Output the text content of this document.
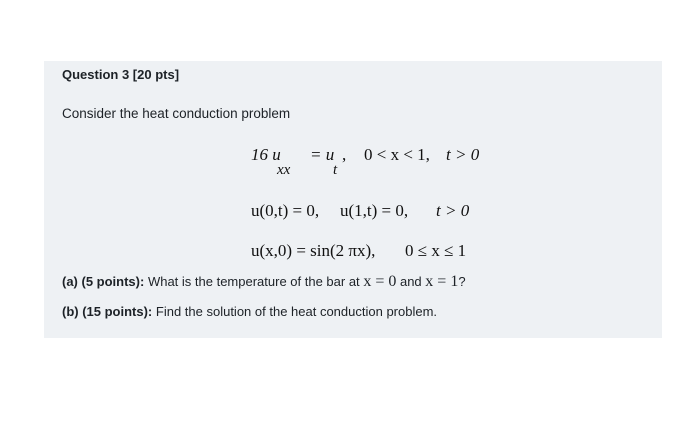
Question 3 [20 pts]
Consider the heat conduction problem
16 u
xx
= u
t
, 0 < x < 1, t > 0
u(0,t) = 0, u(1,t) = 0, t > 0
u(x,0) = sin(2 πx), 0 ≤ x ≤ 1
(a) (5 points): What is the temperature of the bar at x = 0 and x = 1?
(b) (15 points): Find the solution of the heat conduction problem.
